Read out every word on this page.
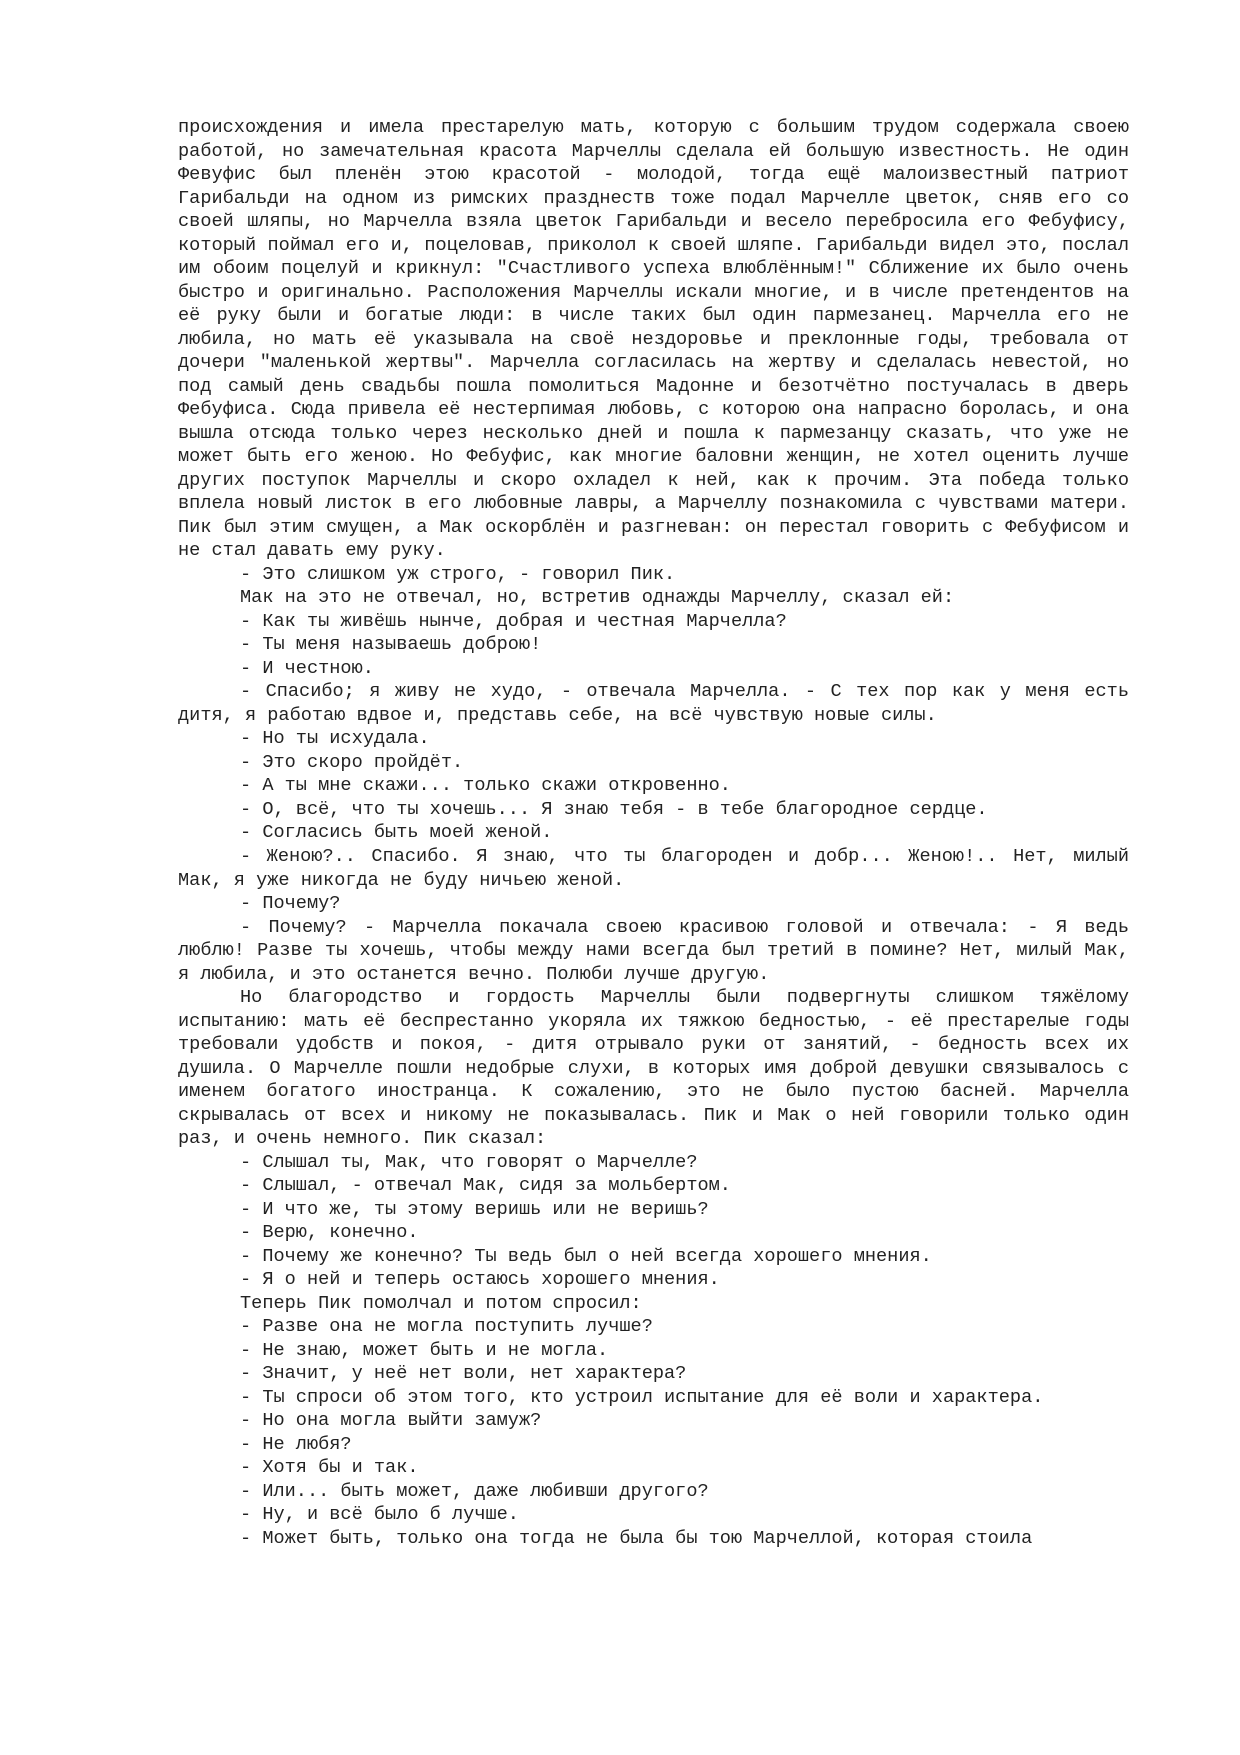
происхождения и имела престарелую мать, которую с большим трудом содержала своею работой, но замечательная красота Марчеллы сделала ей большую известность. Не один Февуфис был пленён этою красотой - молодой, тогда ещё малоизвестный патриот Гарибальди на одном из римских празднеств тоже подал Марчелле цветок, сняв его со своей шляпы, но Марчелла взяла цветок Гарибальди и весело перебросила его Фебуфису, который поймал его и, поцеловав, приколол к своей шляпе. Гарибальди видел это, послал им обоим поцелуй и крикнул: "Счастливого успеха влюблённым!" Сближение их было очень быстро и оригинально. Расположения Марчеллы искали многие, и в числе претендентов на её руку были и богатые люди: в числе таких был один пармезанец. Марчелла его не любила, но мать её указывала на своё нездоровье и преклонные годы, требовала от дочери "маленькой жертвы". Марчелла согласилась на жертву и сделалась невестой, но под самый день свадьбы пошла помолиться Мадонне и безотчётно постучалась в дверь Фебуфиса. Сюда привела её нестерпимая любовь, с которою она напрасно боролась, и она вышла отсюда только через несколько дней и пошла к пармезанцу сказать, что уже не может быть его женою. Но Фебуфис, как многие баловни женщин, не хотел оценить лучше других поступок Марчеллы и скоро охладел к ней, как к прочим. Эта победа только вплела новый листок в его любовные лавры, а Марчеллу познакомила с чувствами матери. Пик был этим смущен, а Мак оскорблён и разгневан: он перестал говорить с Фебуфисом и не стал давать ему руку.

- Это слишком уж строго, - говорил Пик.

Мак на это не отвечал, но, встретив однажды Марчеллу, сказал ей:

- Как ты живёшь нынче, добрая и честная Марчелла?

- Ты меня называешь доброю!

- И честною.

- Спасибо; я живу не худо, - отвечала Марчелла. - С тех пор как у меня есть дитя, я работаю вдвое и, представь себе, на всё чувствую новые силы.

- Но ты исхудала.

- Это скоро пройдёт.

- А ты мне скажи... только скажи откровенно.

- О, всё, что ты хочешь... Я знаю тебя - в тебе благородное сердце.

- Согласись быть моей женой.

- Женою?.. Спасибо. Я знаю, что ты благороден и добр... Женою!.. Нет, милый Мак, я уже никогда не буду ничьею женой.

- Почему?

- Почему? - Марчелла покачала своею красивою головой и отвечала: - Я ведь люблю! Разве ты хочешь, чтобы между нами всегда был третий в помине? Нет, милый Мак, я любила, и это останется вечно. Полюби лучше другую.

Но благородство и гордость Марчеллы были подвергнуты слишком тяжёлому испытанию: мать её беспрестанно укоряла их тяжкою бедностью, - её престарелые годы требовали удобств и покоя, - дитя отрывало руки от занятий, - бедность всех их душила. О Марчелле пошли недобрые слухи, в которых имя доброй девушки связывалось с именем богатого иностранца. К сожалению, это не было пустою басней. Марчелла скрывалась от всех и никому не показывалась. Пик и Мак о ней говорили только один раз, и очень немного. Пик сказал:

- Слышал ты, Мак, что говорят о Марчелле?

- Слышал, - отвечал Мак, сидя за мольбертом.

- И что же, ты этому веришь или не веришь?

- Верю, конечно.

- Почему же конечно? Ты ведь был о ней всегда хорошего мнения.

- Я о ней и теперь остаюсь хорошего мнения.

Теперь Пик помолчал и потом спросил:

- Разве она не могла поступить лучше?

- Не знаю, может быть и не могла.

- Значит, у неё нет воли, нет характера?

- Ты спроси об этом того, кто устроил испытание для её воли и характера.

- Но она могла выйти замуж?

- Не любя?

- Хотя бы и так.

- Или... быть может, даже любивши другого?

- Ну, и всё было б лучше.

- Может быть, только она тогда не была бы тою Марчеллой, которая стоила
